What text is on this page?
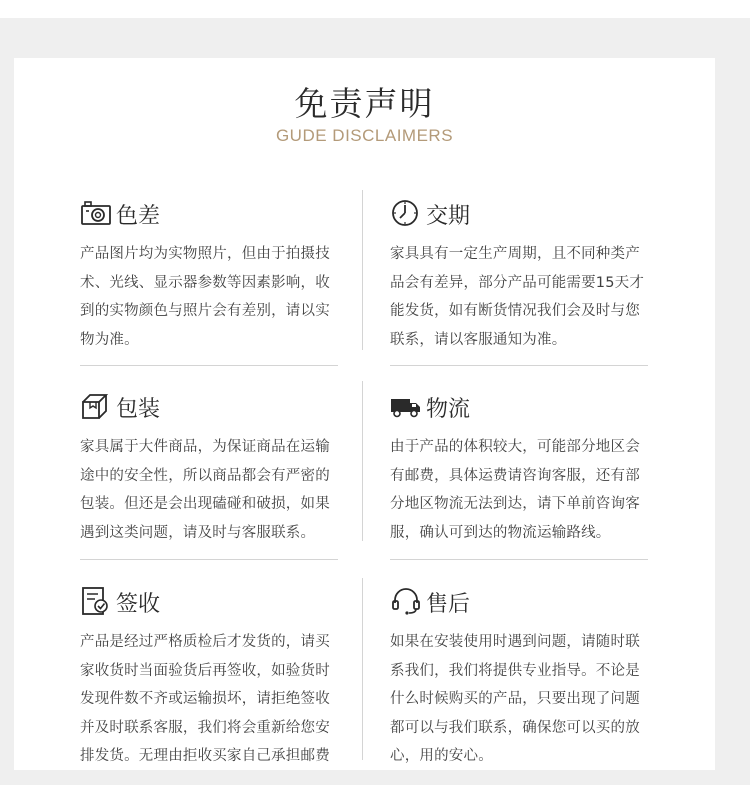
免责声明
GUDE DISCLAIMERS
色差
产品图片均为实物照片，但由于拍摄技术、光线、显示器参数等因素影响，收到的实物颜色与照片会有差别，请以实物为准。
交期
家具具有一定生产周期，且不同种类产品会有差异，部分产品可能需要15天才能发货，如有断货情况我们会及时与您联系，请以客服通知为准。
包装
家具属于大件商品，为保证商品在运输途中的安全性，所以商品都会有严密的包装。但还是会出现磕碰和破损，如果遇到这类问题，请及时与客服联系。
物流
由于产品的体积较大，可能部分地区会有邮费，具体运费请咨询客服，还有部分地区物流无法到达，请下单前咨询客服，确认可到达的物流运输路线。
签收
产品是经过严格质检后才发货的，请买家收货时当面验货后再签收，如验货时发现件数不齐或运输损坏，请拒绝签收并及时联系客服，我们将会重新给您安排发货。无理由拒收买家自己承担邮费
售后
如果在安装使用时遇到问题，请随时联系我们，我们将提供专业指导。不论是什么时候购买的产品，只要出现了问题都可以与我们联系，确保您可以买的放心，用的安心。
